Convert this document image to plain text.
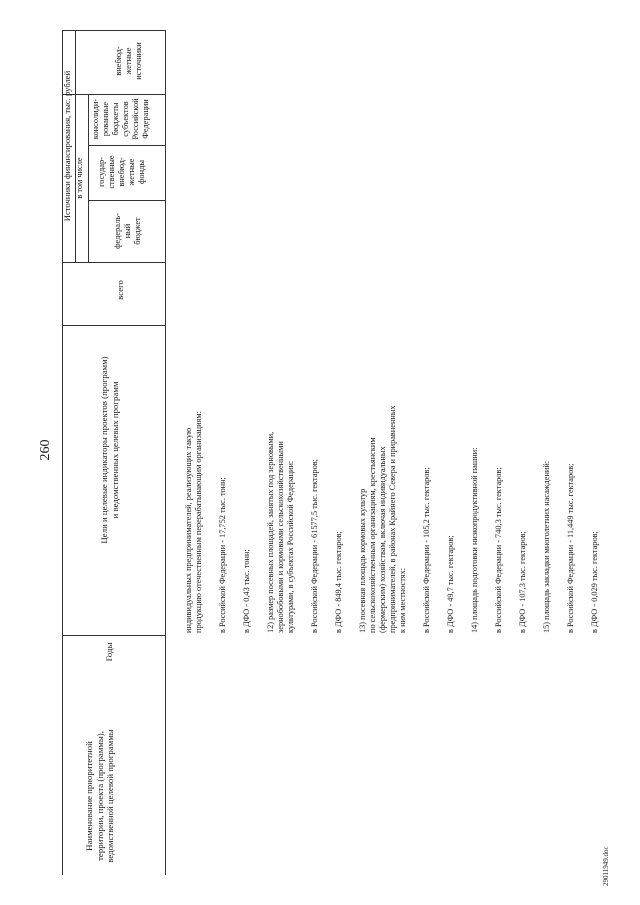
Наименование приоритетной территории, проекта (программы), ведомственной целевой программы
Годы
Цели и целевые индикаторы проектов (программ) и ведомственных целевых программ
Источники финансирования, тыс. рублей
всего
в том числе
федераль- ный бюджет
государ- ственные внебюд- жетные фонды
консолиди- рованные бюджеты субъектов Российской Федерации
внебюд- жетные источники
260
29011949.doc
индивидуальных предпринимателей, реализующих такую продукцию отечественным перерабатывающим организациям: в Российской Федерации - 17,752 тыс. тонн; в ДФО - 0,43 тыс. тонн; 12) размер посевных площадей, занятых под зерновыми, зернобобовыми и кормовыми сельскохозяйственными культурами, в субъектах Российской Федерации: в Российской Федерации - 61577,5 тыс. гектаров; в ДФО - 849,4 тыс. гектаров; 13) посевная площадь кормовых культур по сельскохозяйственным организациям, крестьянским (фермерским) хозяйствам, включая индивидуальных предпринимателей, в районах Крайнего Севера и приравненных к ним местностях: в Российской Федерации - 105,2 тыс. гектаров; в ДФО - 49,7 тыс. гектаров; 14) площадь подготовки низкопродуктивной пашни: в Российской Федерации - 740,3 тыс. гектаров; в ДФО - 107,3 тыс. гектаров; 15) площадь закладки многолетних насаждений: в Российской Федерации - 11,449 тыс. гектаров; в ДФО - 0,029 тыс. гектаров;
